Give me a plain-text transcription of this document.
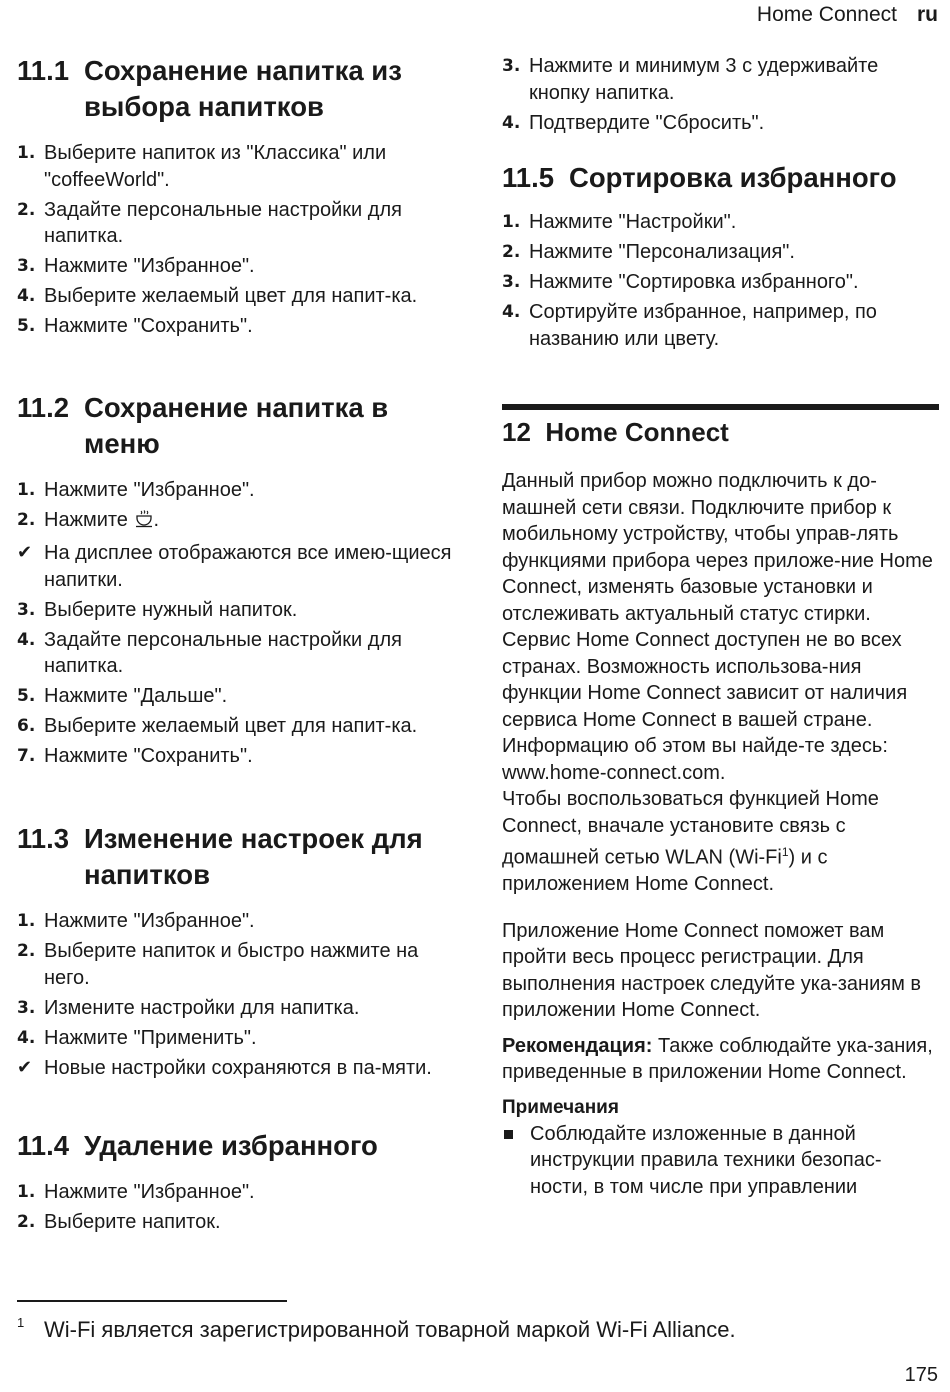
Home Connect ru
11.1 Сохранение напитка из выбора напитков
1. Выберите напиток из "Классика" или "coffeeWorld".
2. Задайте персональные настройки для напитка.
3. Нажмите "Избранное".
4. Выберите желаемый цвет для напит-ка.
5. Нажмите "Сохранить".
11.2 Сохранение напитка в меню
1. Нажмите "Избранное".
2. Нажмите .
✔ На дисплее отображаются все имею-щиеся напитки.
3. Выберите нужный напиток.
4. Задайте персональные настройки для напитка.
5. Нажмите "Дальше".
6. Выберите желаемый цвет для напит-ка.
7. Нажмите "Сохранить".
11.3 Изменение настроек для напитков
1. Нажмите "Избранное".
2. Выберите напиток и быстро нажмите на него.
3. Измените настройки для напитка.
4. Нажмите "Применить".
✔ Новые настройки сохраняются в па-мяти.
11.4 Удаление избранного
1. Нажмите "Избранное".
2. Выберите напиток.
3. Нажмите и минимум 3 с удерживайте кнопку напитка.
4. Подтвердите "Сбросить".
11.5 Сортировка избранного
1. Нажмите "Настройки".
2. Нажмите "Персонализация".
3. Нажмите "Сортировка избранного".
4. Сортируйте избранное, например, по названию или цвету.
12 Home Connect

Данный прибор можно подключить к до-машней сети связи. Подключите прибор к мобильному устройству, чтобы управ-лять функциями прибора через приложе-ние Home Connect, изменять базовые установки и отслеживать актуальный статус стирки.

Сервис Home Connect доступен не во всех странах. Возможность использова-ния функции Home Connect зависит от наличия сервиса Home Connect в вашей стране. Информацию об этом вы найде-те здесь: www.home-connect.com.

Чтобы воспользоваться функцией Home Connect, вначале установите связь с домашней сетью WLAN (Wi-Fi$^1$) и с приложением Home Connect.

Приложение Home Connect поможет вам пройти весь процесс регистрации. Для выполнения настроек следуйте ука-заниям в приложении Home Connect.

Рекомендация: Также соблюдайте ука-зания, приведенные в приложении Home Connect.

Примечания
Соблюдайте изложенные в данной инструкции правила техники безопас-ности, в том числе при управлении
1 Wi-Fi является зарегистрированной товарной маркой Wi-Fi Alliance.
175
